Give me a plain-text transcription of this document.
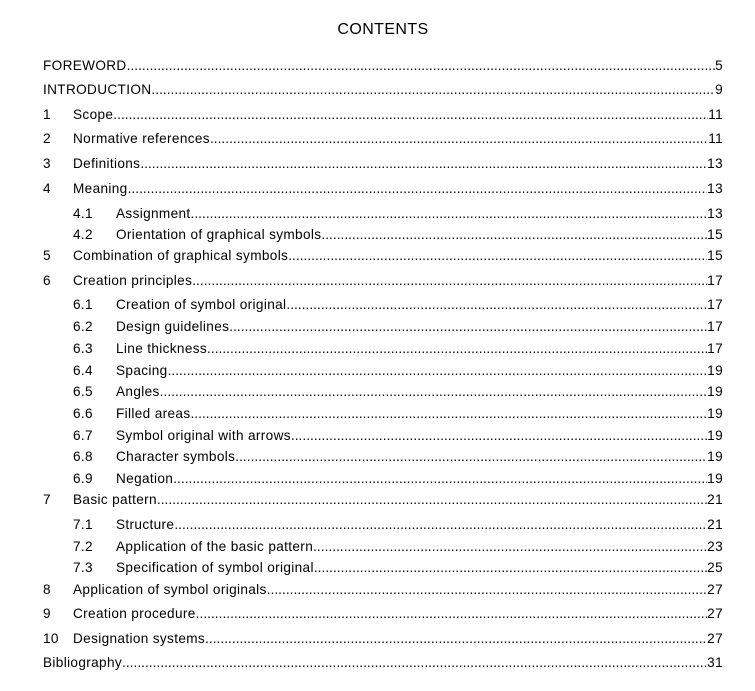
CONTENTS
FOREWORD .....	5
INTRODUCTION .....	9
1	Scope .....	11
2	Normative references .....	11
3	Definitions .....	13
4	Meaning .....	13
4.1	Assignment .....	13
4.2	Orientation of graphical symbols .....	15
5	Combination of graphical symbols .....	15
6	Creation principles .....	17
6.1	Creation of symbol original .....	17
6.2	Design guidelines .....	17
6.3	Line thickness .....	17
6.4	Spacing .....	19
6.5	Angles .....	19
6.6	Filled areas .....	19
6.7	Symbol original with arrows .....	19
6.8	Character symbols .....	19
6.9	Negation .....	19
7	Basic pattern .....	21
7.1	Structure .....	21
7.2	Application of the basic pattern .....	23
7.3	Specification of symbol original .....	25
8	Application of symbol originals .....	27
9	Creation procedure .....	27
10	Designation systems .....	27
Bibliography .....	31
